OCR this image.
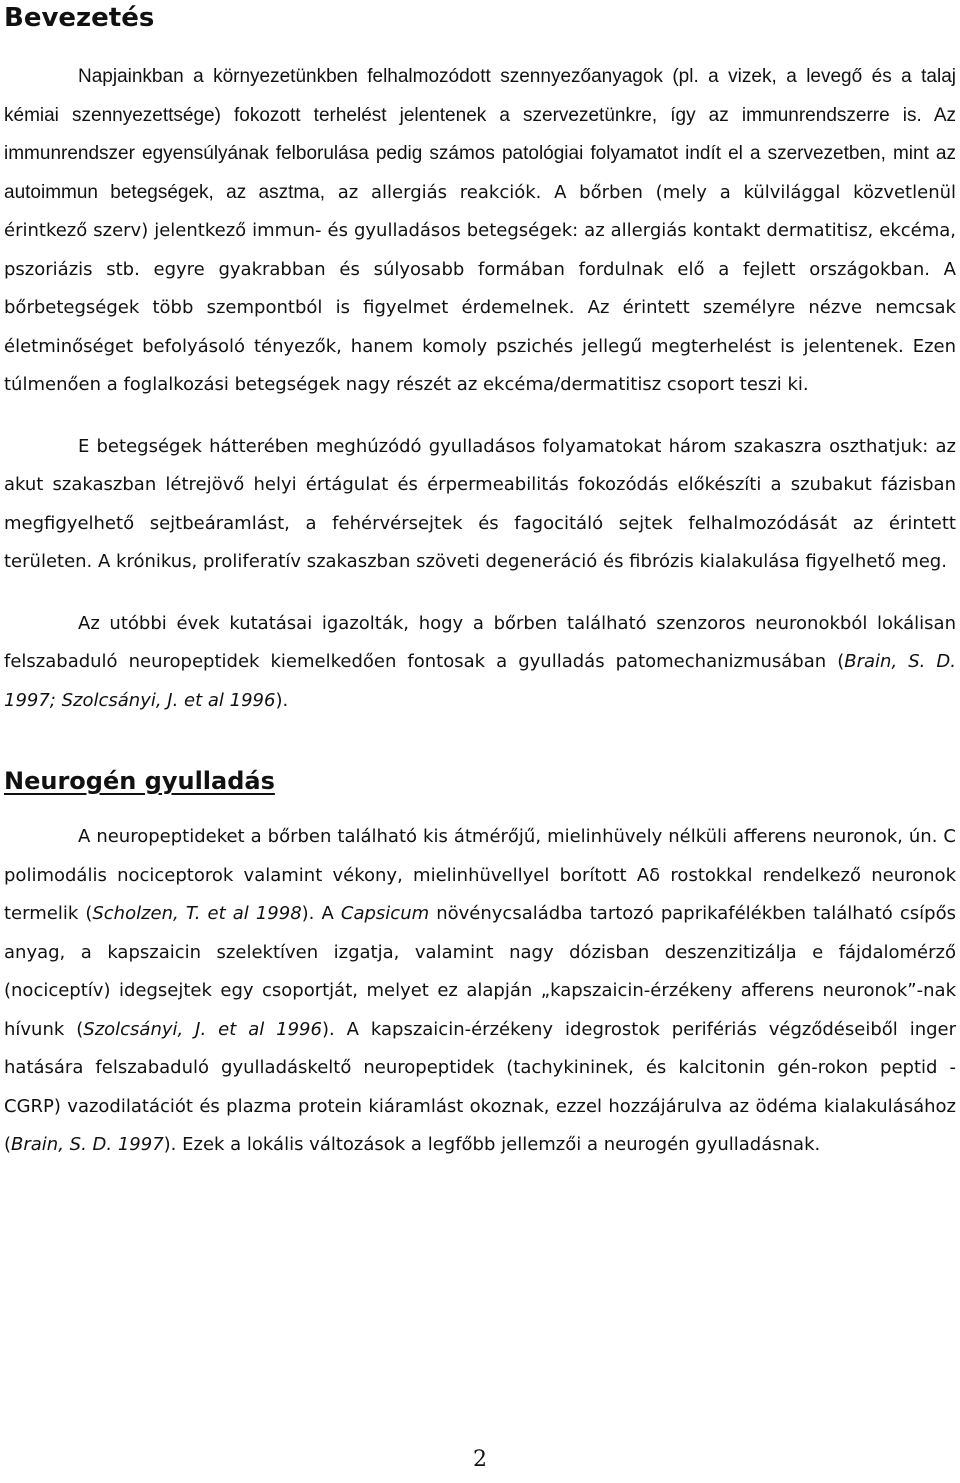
Bevezetés

Napjainkban a környezetünkben felhalmozódott szennyezőanyagok (pl. a vizek, a levegő és a talaj kémiai szennyezettsége) fokozott terhelést jelentenek a szervezetünkre, így az immunrendszerre is. Az immunrendszer egyensúlyának felborulása pedig számos patológiai folyamatot indít el a szervezetben, mint az autoimmun betegségek, az asztma, az allergiás reakciók. A bőrben (mely a külvilággal közvetlenül érintkező szerv) jelentkező immun- és gyulladásos betegségek: az allergiás kontakt dermatitisz, ekcéma, pszoriázis stb. egyre gyakrabban és súlyosabb formában fordulnak elő a fejlett országokban. A bőrbetegségek több szempontból is figyelmet érdemelnek. Az érintett személyre nézve nemcsak életminőséget befolyásoló tényezők, hanem komoly pszichés jellegű megterhelést is jelentenek. Ezen túlmenően a foglalkozási betegségek nagy részét az ekcéma/dermatitisz csoport teszi ki.

E betegségek hátterében meghúzódó gyulladásos folyamatokat három szakaszra oszthatjuk: az akut szakaszban létrejövő helyi értágulat és érpermeabilitás fokozódás előkészíti a szubakut fázisban megfigyelhető sejtbeáramlást, a fehérvérsejtek és fagocitáló sejtek felhalmozódását az érintett területen. A krónikus, proliferatív szakaszban szöveti degeneráció és fibrózis kialakulása figyelhető meg.

Az utóbbi évek kutatásai igazolták, hogy a bőrben található szenzoros neuronokból lokálisan felszabaduló neuropeptidek kiemelkedően fontosak a gyulladás patomechanizmusában (Brain, S. D. 1997; Szolcsányi, J. et al 1996).

Neurogén gyulladás

A neuropeptideket a bőrben található kis átmérőjű, mielinhüvely nélküli afferens neuronok, ún. C polimodális nociceptorok valamint vékony, mielinhüvellyel borított Aδ rostokkal rendelkező neuronok termelik (Scholzen, T. et al 1998). A Capsicum növénycsaládba tartozó paprikafélékben található csípős anyag, a kapszaicin szelektíven izgatja, valamint nagy dózisban deszenzitizálja e fájdalomérző (nociceptív) idegsejtek egy csoportját, melyet ez alapján „kapszaicin-érzékeny afferens neuronok”-nak hívunk (Szolcsányi, J. et al 1996). A kapszaicin-érzékeny idegrostok perifériás végződéseiből inger hatására felszabaduló gyulladáskeltő neuropeptidek (tachykininek, és kalcitonin gén-rokon peptid - CGRP) vazodilatációt és plazma protein kiáramlást okoznak, ezzel hozzájárulva az ödéma kialakulásához (Brain, S. D. 1997). Ezek a lokális változások a legfőbb jellemzői a neurogén gyulladásnak.

2
